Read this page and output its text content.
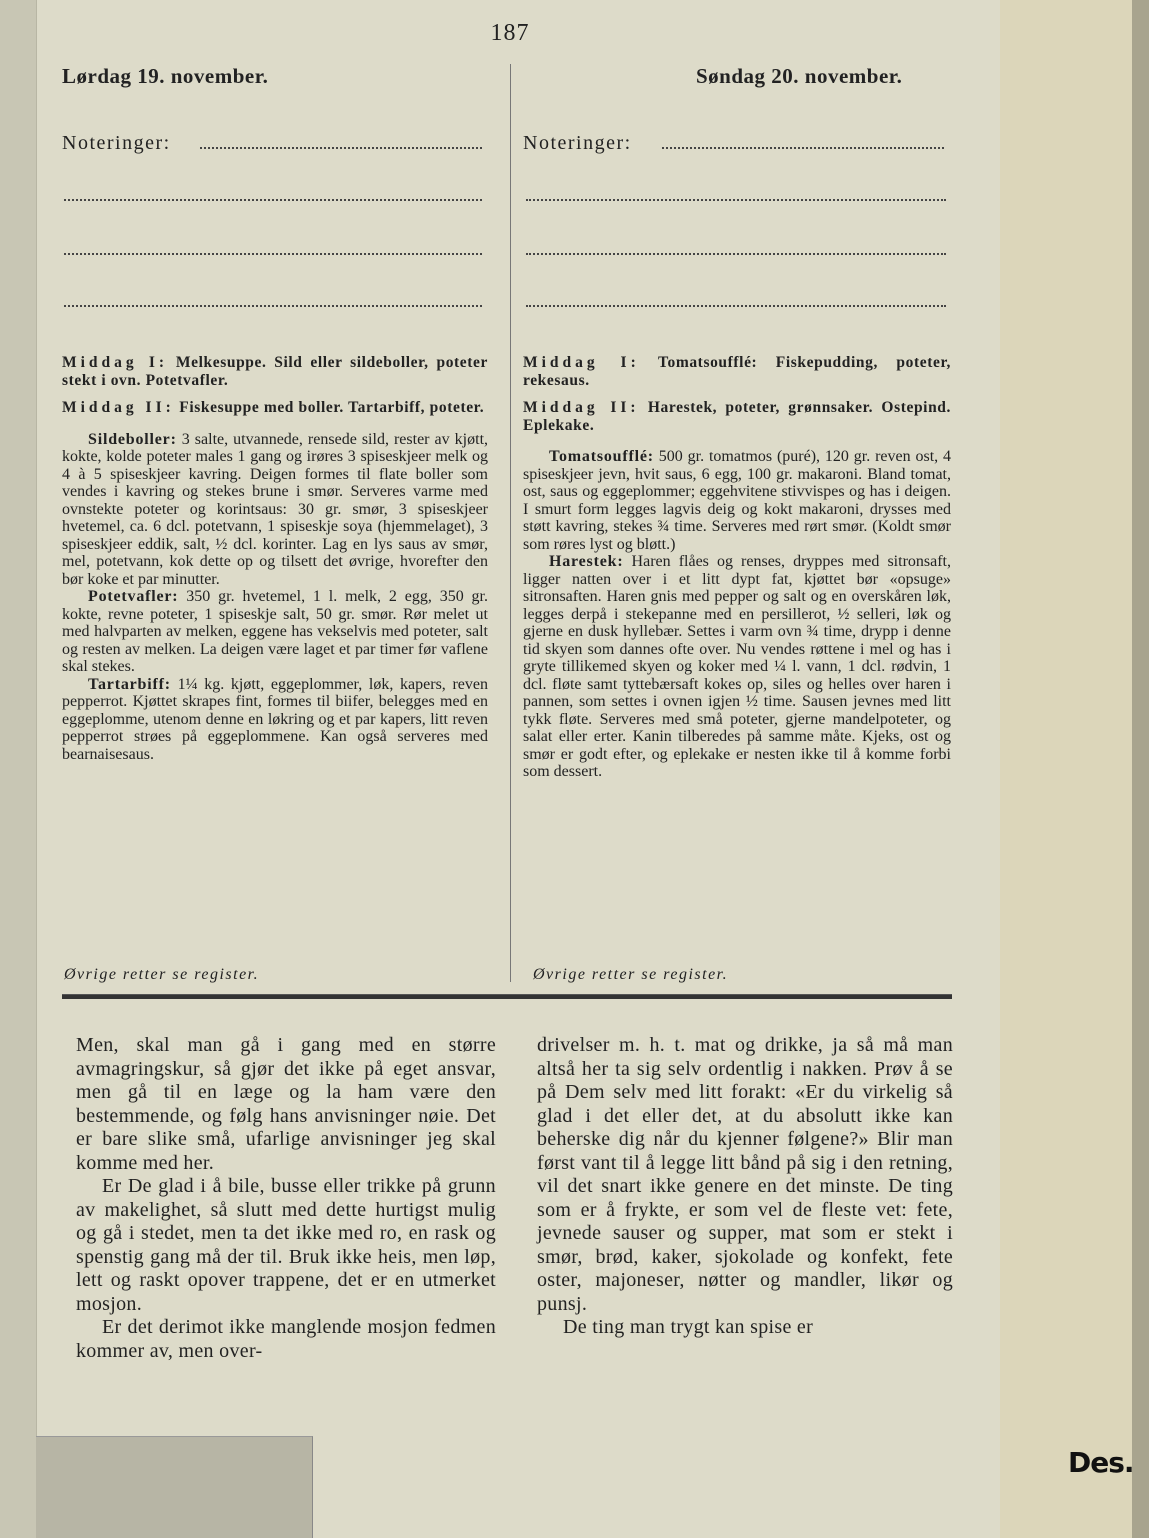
187
Lørdag 19. november.	Søndag 20. november.
Noteringer:	Noteringer:

Middag I: Melkesuppe. Sild eller sildeboller, poteter stekt i ovn. Potetvafler.

Middag II: Fiskesuppe med boller. Tartarbiff, poteter.

Sildeboller: 3 salte, utvannede, rensede sild, rester av kjøtt, kokte, kolde poteter males 1 gang og irøres 3 spiseskjeer melk og 4 à 5 spiseskjeer kavring. Deigen formes til flate boller som vendes i kavring og stekes brune i smør. Serveres varme med ovnstekte poteter og korintsaus: 30 gr. smør, 3 spiseskjeer hvetemel, ca. 6 dcl. potetvann, 1 spiseskje soya (hjemmelaget), 3 spiseskjeer eddik, salt, ½ dcl. korinter. Lag en lys saus av smør, mel, potetvann, kok dette op og tilsett det øvrige, hvorefter den bør koke et par minutter.

Potetvafler: 350 gr. hvetemel, 1 l. melk, 2 egg, 350 gr. kokte, revne poteter, 1 spiseskje salt, 50 gr. smør. Rør melet ut med halvparten av melken, eggene has vekselvis med poteter, salt og resten av melken. La deigen være laget et par timer før vaflene skal stekes.

Tartarbiff: 1¼ kg. kjøtt, eggeplommer, løk, kapers, reven pepperrot. Kjøttet skrapes fint, formes til biifer, belegges med en eggeplomme, utenom denne en løkring og et par kapers, litt reven pepperrot strøes på eggeplommene. Kan også serveres med bearnaisesaus.

Middag I: Tomatsoufflé: Fiskepudding, poteter, rekesaus.

Middag II: Harestek, poteter, grønnsaker. Ostepind. Eplekake.

Tomatsoufflé: 500 gr. tomatmos (puré), 120 gr. reven ost, 4 spiseskjeer jevn, hvit saus, 6 egg, 100 gr. makaroni. Bland tomat, ost, saus og eggeplommer; eggehvitene stivvispes og has i deigen. I smurt form legges lagvis deig og kokt makaroni, drysses med støtt kavring, stekes ¾ time. Serveres med rørt smør. (Koldt smør som røres lyst og bløtt.)

Harestek: Haren flåes og renses, dryppes med sitronsaft, ligger natten over i et litt dypt fat, kjøttet bør «opsuge» sitronsaften. Haren gnis med pepper og salt og en overskåren løk, legges derpå i stekepanne med en persillerot, ½ selleri, løk og gjerne en dusk hyllebær. Settes i varm ovn ¾ time, drypp i denne tid skyen som dannes ofte over. Nu vendes røttene i mel og has i gryte tillikemed skyen og koker med ¼ l. vann, 1 dcl. rødvin, 1 dcl. fløte samt tyttebærsaft kokes op, siles og helles over haren i pannen, som settes i ovnen igjen ½ time. Sausen jevnes med litt tykk fløte. Serveres med små poteter, gjerne mandelpoteter, og salat eller erter. Kanin tilberedes på samme måte. Kjeks, ost og smør er godt efter, og eplekake er nesten ikke til å komme forbi som dessert.

Øvrige retter se register.	Øvrige retter se register.

Men, skal man gå i gang med en større avmagringskur, så gjør det ikke på eget ansvar, men gå til en læge og la ham være den bestemmende, og følg hans anvisninger nøie. Det er bare slike små, ufarlige anvisninger jeg skal komme med her.

Er De glad i å bile, busse eller trikke på grunn av makelighet, så slutt med dette hurtigst mulig og gå i stedet, men ta det ikke med ro, en rask og spenstig gang må der til. Bruk ikke heis, men løp, lett og raskt opover trappene, det er en utmerket mosjon.

Er det derimot ikke manglende mosjon fedmen kommer av, men over-

drivelser m. h. t. mat og drikke, ja så må man altså her ta sig selv ordentlig i nakken. Prøv å se på Dem selv med litt forakt: «Er du virkelig så glad i det eller det, at du absolutt ikke kan beherske dig når du kjenner følgene?» Blir man først vant til å legge litt bånd på sig i den retning, vil det snart ikke genere en det minste. De ting som er å frykte, er som vel de fleste vet: fete, jevnede sauser og supper, mat som er stekt i smør, brød, kaker, sjokolade og konfekt, fete oster, majoneser, nøtter og mandler, likør og punsj.

De ting man trygt kan spise er

Des.
